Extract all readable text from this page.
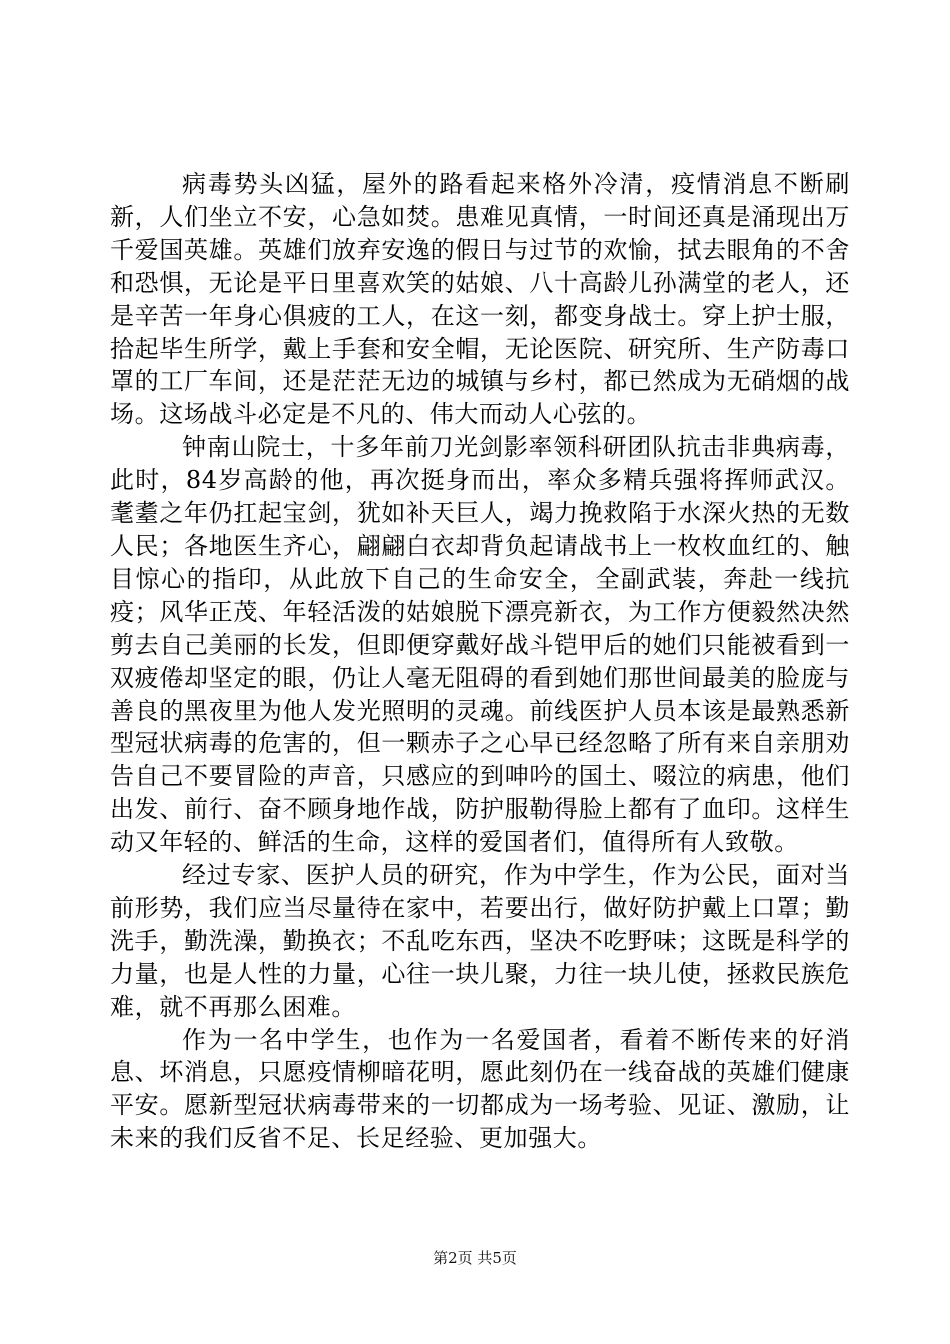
病毒势头凶猛，屋外的路看起来格外冷清，疫情消息不断刷新，人们坐立不安，心急如焚。患难见真情，一时间还真是涌现出万千爱国英雄。英雄们放弃安逸的假日与过节的欢愉，拭去眼角的不舍和恐惧，无论是平日里喜欢笑的姑娘、八十高龄儿孙满堂的老人，还是辛苦一年身心俱疲的工人，在这一刻，都变身战士。穿上护士服，拾起毕生所学，戴上手套和安全帽，无论医院、研究所、生产防毒口罩的工厂车间，还是茫茫无边的城镇与乡村，都已然成为无硝烟的战场。这场战斗必定是不凡的、伟大而动人心弦的。

钟南山院士，十多年前刀光剑影率领科研团队抗击非典病毒，此时，84岁高龄的他，再次挺身而出，率众多精兵强将挥师武汉。耄耋之年仍扛起宝剑，犹如补天巨人，竭力挽救陷于水深火热的无数人民；各地医生齐心，翩翩白衣却背负起请战书上一枚枚血红的、触目惊心的指印，从此放下自己的生命安全，全副武装，奔赴一线抗疫；风华正茂、年轻活泼的姑娘脱下漂亮新衣，为工作方便毅然决然剪去自己美丽的长发，但即便穿戴好战斗铠甲后的她们只能被看到一双疲倦却坚定的眼，仍让人毫无阻碍的看到她们那世间最美的脸庞与善良的黑夜里为他人发光照明的灵魂。前线医护人员本该是最熟悉新型冠状病毒的危害的，但一颗赤子之心早已经忽略了所有来自亲朋劝告自己不要冒险的声音，只感应的到呻吟的国土、啜泣的病患，他们出发、前行、奋不顾身地作战，防护服勒得脸上都有了血印。这样生动又年轻的、鲜活的生命，这样的爱国者们，值得所有人致敬。

经过专家、医护人员的研究，作为中学生，作为公民，面对当前形势，我们应当尽量待在家中，若要出行，做好防护戴上口罩；勤洗手，勤洗澡，勤换衣；不乱吃东西，坚决不吃野味；这既是科学的力量，也是人性的力量，心往一块儿聚，力往一块儿使，拯救民族危难，就不再那么困难。

作为一名中学生，也作为一名爱国者，看着不断传来的好消息、坏消息，只愿疫情柳暗花明，愿此刻仍在一线奋战的英雄们健康平安。愿新型冠状病毒带来的一切都成为一场考验、见证、激励，让未来的我们反省不足、长足经验、更加强大。

第2页 共5页
